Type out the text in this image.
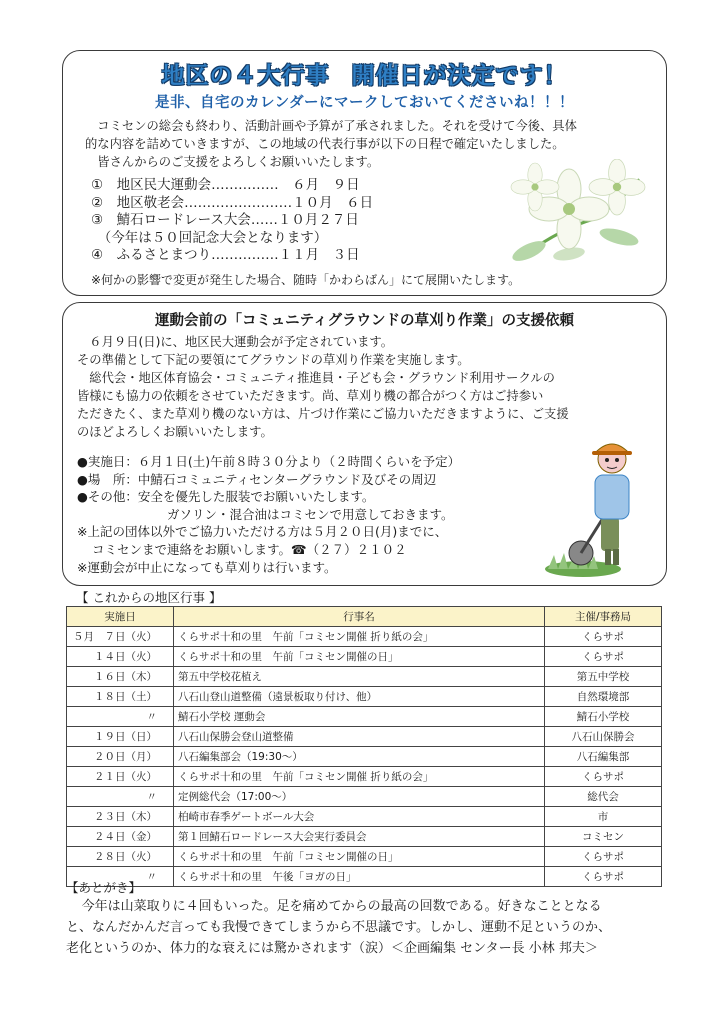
地区の４大行事 開催日が決定です！
是非、自宅のカレンダーにマークしておいてくださいね！！！

　コミセンの総会も終わり、活動計画や予算が了承されました。それを受けて今後、具体

的な内容を詰めていきますが、この地域の代表行事が以下の日程で確定いたしました。

　皆さんからのご支援をよろしくお願いいたします。

①　地区民大運動会……………　６月　９日
②　地区敬老会……………………１０月　６日
③　鯖石ロードレース大会……１０月２７日
　（今年は５０回記念大会となります）
④　ふるさとまつり……………１１月　３日
※何かの影響で変更が発生した場合、随時「かわらばん」にて展開いたします。
運動会前の「コミュニティグラウンドの草刈り作業」の支援依頼

　６月９日(日)に、地区民大運動会が予定されています。

その準備として下記の要領にてグラウンドの草刈り作業を実施します。

　総代会・地区体育協会・コミュニティ推進員・子ども会・グラウンド利用サークルの

皆様にも協力の依頼をさせていただきます。尚、草刈り機の都合がつく方はご持参い

ただきたく、また草刈り機のない方は、片づけ作業にご協力いただきますように、ご支援

のほどよろしくお願いいたします。

●実施日：６月１日(土)午前８時３０分より（２時間くらいを予定）
●場　所：中鯖石コミュニティセンターグラウンド及びその周辺
●その他：安全を優先した服装でお願いいたします。
ガソリン・混合油はコミセンで用意しておきます。
※上記の団体以外でご協力いただける方は５月２０日(月)までに、
コミセンまで連絡をお願いします。☎（２７）２１０２
※運動会が中止になっても草刈りは行います。
【 これからの地区行事 】
実施日	行事名	主催/事務局
５月　７日（火）	くらサポ十和の里　午前「コミセン開催 折り紙の会」	くらサポ
１４日（火）	くらサポ十和の里　午前「コミセン開催の日」	くらサポ
１６日（木）	第五中学校花植え	第五中学校
１８日（土）	八石山登山道整備（遠景板取り付け、他）	自然環境部
〃	鯖石小学校 運動会	鯖石小学校
１９日（日）	八石山保勝会登山道整備	八石山保勝会
２０日（月）	八石編集部会（19:30～）	八石編集部
２１日（火）	くらサポ十和の里　午前「コミセン開催 折り紙の会」	くらサポ
〃	定例総代会（17:00～）	総代会
２３日（木）	柏崎市春季ゲートボール大会	市
２４日（金）	第１回鯖石ロードレース大会実行委員会	コミセン
２８日（火）	くらサポ十和の里　午前「コミセン開催の日」	くらサポ
〃	くらサポ十和の里　午後「ヨガの日」	くらサポ
【あとがき】

今年は山菜取りに４回もいった。足を痛めてからの最高の回数である。好きなこととなる

と、なんだかんだ言っても我慢できてしまうから不思議です。しかし、運動不足というのか、

老化というのか、体力的な衰えには驚かされます（涙）＜企画編集 センター長 小林 邦夫＞
